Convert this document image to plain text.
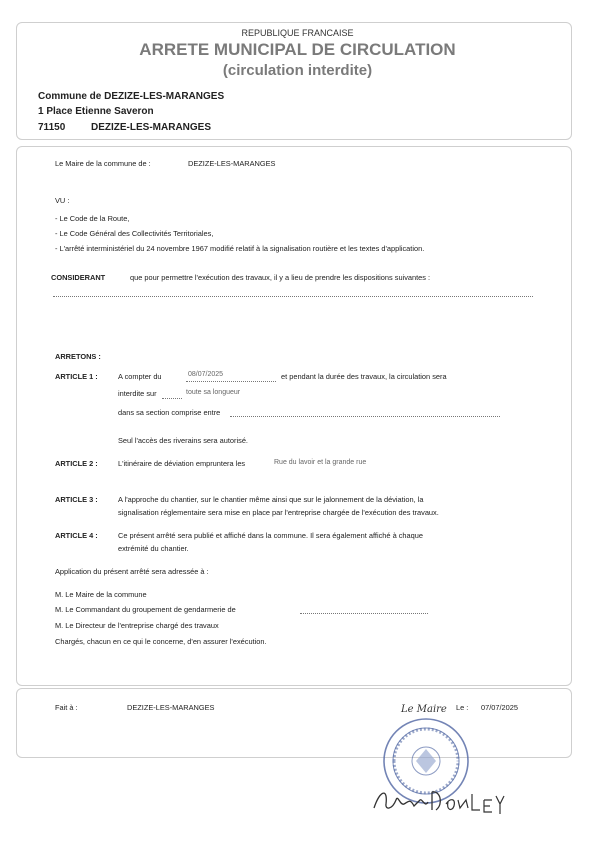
REPUBLIQUE FRANCAISE
ARRETE MUNICIPAL DE CIRCULATION
(circulation interdite)
Commune de DEZIZE-LES-MARANGES
1 Place Etienne Saveron
71150	DEZIZE-LES-MARANGES
Le Maire de la commune de :	DEZIZE-LES-MARANGES
VU :
- Le Code de la Route,
- Le Code Général des Collectivités Territoriales,
- L'arrêté interministériel du 24 novembre 1967 modifié relatif à la signalisation routière et les textes d'application.
CONSIDERANT	que pour permettre l'exécution des travaux, il y a lieu de prendre les dispositions suivantes :
ARRETONS :
ARTICLE 1 :	A compter du	08/07/2025	et pendant la durée des travaux, la circulation sera
interdite sur	toute sa longueur
dans sa section comprise entre
Seul l'accès des riverains sera autorisé.
ARTICLE 2 :	L'itinéraire de déviation empruntera les	Rue du lavoir et la grande rue
ARTICLE 3 :	A l'approche du chantier, sur le chantier même ainsi que sur le jalonnement de la déviation, la
signalisation réglementaire sera mise en place par l'entreprise chargée de l'exécution des travaux.
ARTICLE 4 :	Ce présent arrêté sera publié et affiché dans la commune. Il sera également affiché à chaque
extrémité du chantier.
Application du présent arrêté sera adressée à :
M. Le Maire de la commune
M. Le Commandant du groupement de gendarmerie de
M. Le Directeur de l'entreprise chargé des travaux
Chargés, chacun en ce qui le concerne, d'en assurer l'exécution.
Fait à :	DEZIZE-LES-MARANGES	Le : 07/07/2025
Le Maire
